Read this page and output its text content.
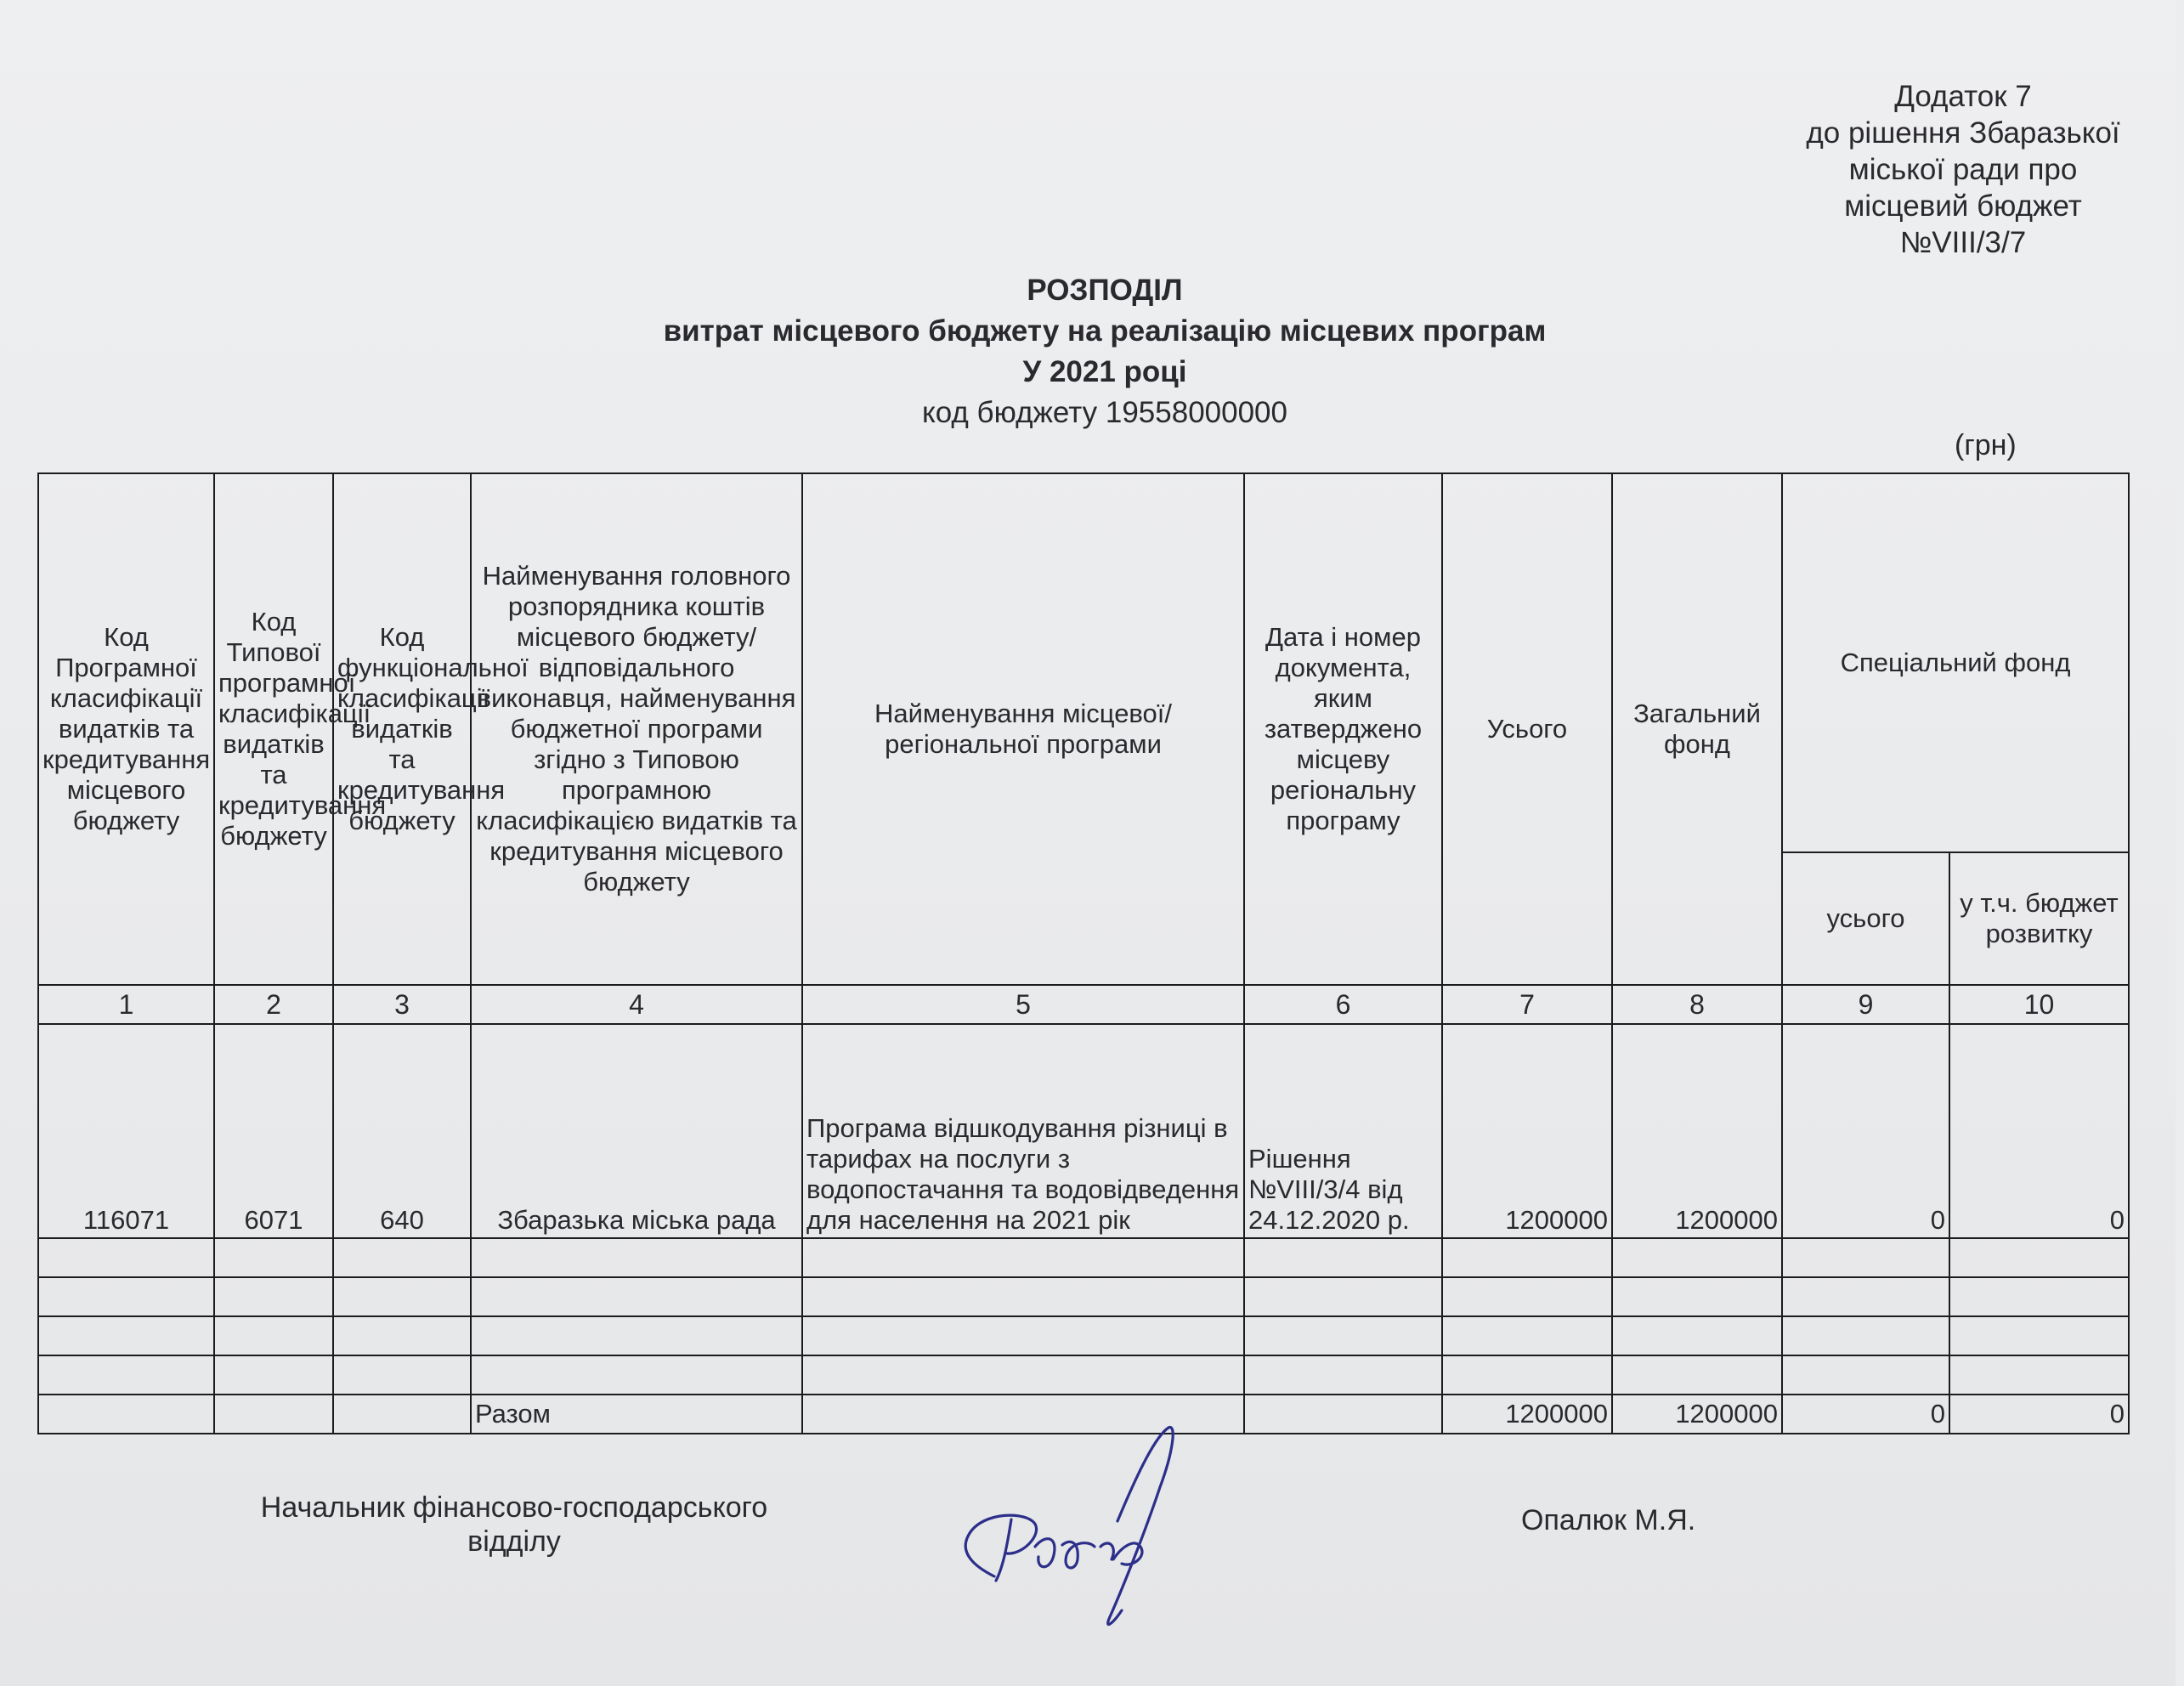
Додаток 7
до рішення Збаразької
міської ради про
місцевий бюджет
№VIII/3/7
РОЗПОДІЛ
витрат місцевого бюджету на реалізацію місцевих програм
У 2021 році
код бюджету 19558000000
(грн)
Код Програмної класифікації видатків та кредитування місцевого бюджету	Код Типової програмної класифікації видатків та кредитування бюджету	Код функціональної класифікації видатків та кредитування бюджету	Найменування головного розпорядника коштів місцевого бюджету/відповідального виконавця, найменування бюджетної програми згідно з Типовою програмною класифікацією видатків та кредитування місцевого бюджету	Найменування місцевої/регіональної програми	Дата і номер документа, яким затверджено місцеву регіональну програму	Усього	Загальний фонд	Спеціальний фонд	
								усього	у т.ч. бюджет розвитку
1	2	3	4	5	6	7	8	9	10
116071	6071	640	Збаразька міська рада	Програма відшкодування різниці в тарифах на послуги з водопостачання та водовідведення для населення на 2021 рік	Рішення №VIII/3/4 від 24.12.2020 р.	1200000	1200000	0	0

			Разом			1200000	1200000	0	0
Начальник фінансово-господарського відділу
Опалюк М.Я.
